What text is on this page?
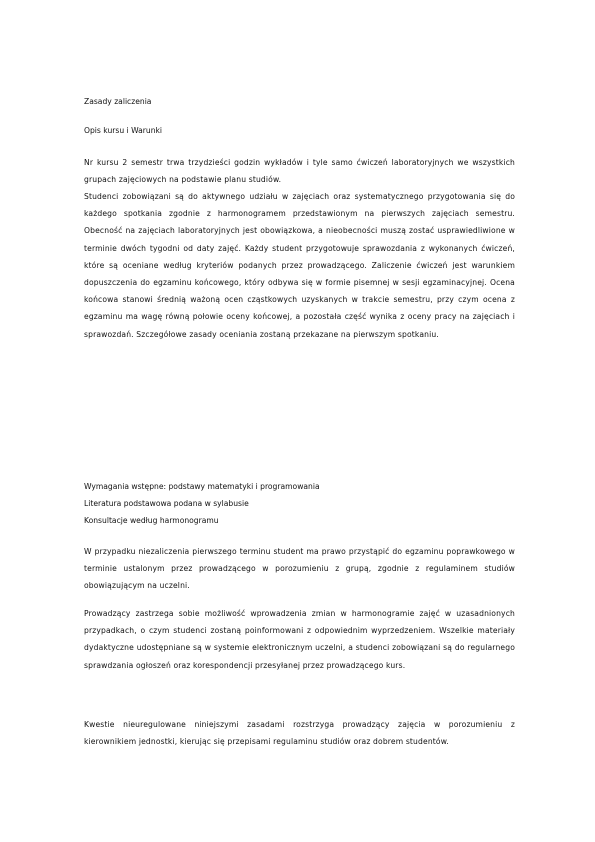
Zasady zaliczenia
Opis kursu i Warunki
Nr kursu 2 semestr trwa trzydzieści godzin wykładów i tyle samo ćwiczeń laboratoryjnych we wszystkich grupach zajęciowych na podstawie planu studiów.
Studenci zobowiązani są do aktywnego udziału w zajęciach oraz systematycznego przygotowania się do każdego spotkania zgodnie z harmonogramem przedstawionym na pierwszych zajęciach semestru. Obecność na zajęciach laboratoryjnych jest obowiązkowa, a nieobecności muszą zostać usprawiedliwione w terminie dwóch tygodni od daty zajęć. Każdy student przygotowuje sprawozdania z wykonanych ćwiczeń, które są oceniane według kryteriów podanych przez prowadzącego. Zaliczenie ćwiczeń jest warunkiem dopuszczenia do egzaminu końcowego, który odbywa się w formie pisemnej w sesji egzaminacyjnej. Ocena końcowa stanowi średnią ważoną ocen cząstkowych uzyskanych w trakcie semestru, przy czym ocena z egzaminu ma wagę równą połowie oceny końcowej, a pozostała część wynika z oceny pracy na zajęciach i sprawozdań. Szczegółowe zasady oceniania zostaną przekazane na pierwszym spotkaniu.
Wymagania wstępne: podstawy matematyki i programowania
Literatura podstawowa podana w sylabusie
Konsultacje według harmonogramu
W przypadku niezaliczenia pierwszego terminu student ma prawo przystąpić do egzaminu poprawkowego w terminie ustalonym przez prowadzącego w porozumieniu z grupą, zgodnie z regulaminem studiów obowiązującym na uczelni.
Prowadzący zastrzega sobie możliwość wprowadzenia zmian w harmonogramie zajęć w uzasadnionych przypadkach, o czym studenci zostaną poinformowani z odpowiednim wyprzedzeniem. Wszelkie materiały dydaktyczne udostępniane są w systemie elektronicznym uczelni, a studenci zobowiązani są do regularnego sprawdzania ogłoszeń oraz korespondencji przesyłanej przez prowadzącego kurs.
Kwestie nieuregulowane niniejszymi zasadami rozstrzyga prowadzący zajęcia w porozumieniu z kierownikiem jednostki, kierując się przepisami regulaminu studiów oraz dobrem studentów.
